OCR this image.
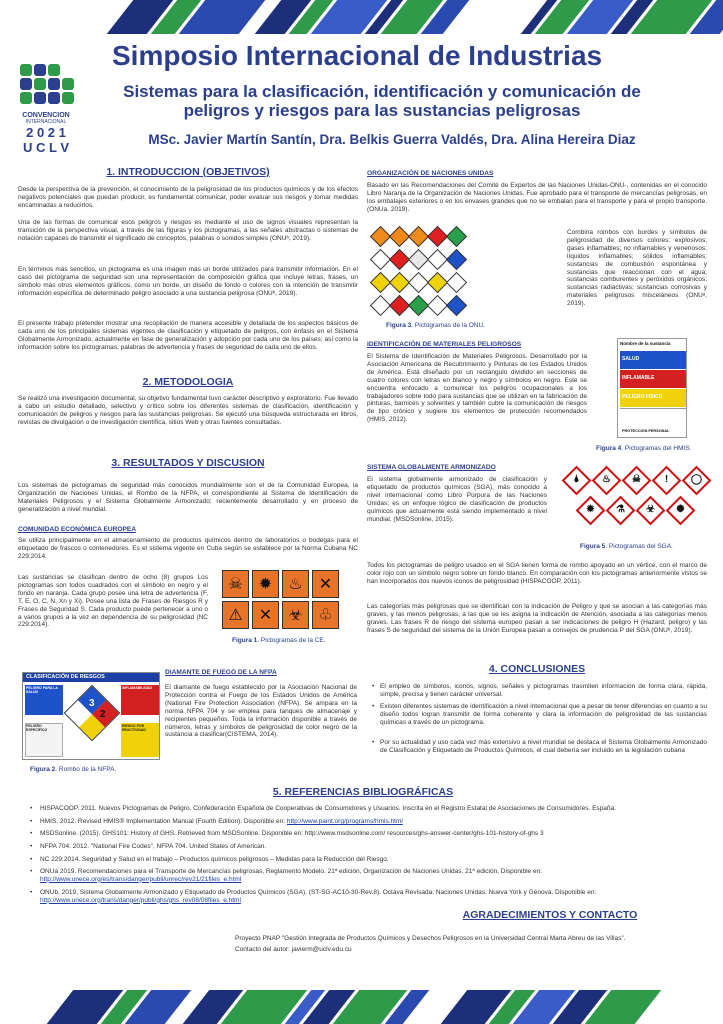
CONVENCION
INTERNACIONAL
2 0 2 1
U C L V
Simposio Internacional de Industrias
Sistemas para la clasificación, identificación y comunicación de peligros y riesgos para las sustancias peligrosas
MSc. Javier Martín Santín, Dra. Belkis Guerra Valdés, Dra. Alina Hereira Diaz
1. INTRODUCCION (OBJETIVOS)
Desde la perspectiva de la prevención, el conocimiento de la peligrosidad de los productos químicos y de los efectos negativos potenciales que puedan producir, es fundamental comunicar, poder evaluar sus riesgos y tomar medidas encaminadas a reducirlos.
Una de las formas de comunicar esos peligros y riesgos es mediante el uso de signos visuales representan la transición de la perspectiva visual, a través de las figuras y los pictogramas, a las señales abstractas o sistemas de notación capaces de transmitir el significado de conceptos, palabras o sonidos simples (ONUᵇ, 2019).
En términos más sencillos, un pictograma es una imagen más un borde utilizados para transmitir información. En el caso del pictograma de seguridad son una representación de composición gráfica que incluye letras, frases, un símbolo más otros elementos gráficos, como un borde, un diseño de fondo o colores con la intención de transmitir información específica de determinado peligro asociado a una sustancia peligrosa (ONUᵇ, 2019).
El presente trabajo pretender mostrar una recopilación de manera accesible y detallada de los aspectos básicos de cada uno de los principales sistemas vigentes de clasificación y etiquetado de peligros, con énfasis en el Sistema Globalmente Armonizado, actualmente en fase de generalización y adopción por cada uno de los países; así como la información sobre los pictogramas, palabras de advertencia y frases de seguridad de cada uno de ellos.
2. METODOLOGIA
Se realizó una investigación documental, su objetivo fundamental tuvo carácter descriptivo y exploratorio. Fue llevado a cabo un estudio detallado, selectivo y crítico sobre los diferentes sistemas de clasificación, identificación y comunicación de peligros y riesgos para las sustancias peligrosas. Se ejecutó una búsqueda estructurada en libros, revistas de divulgación o de investigación científica, sitios Web y otras fuentes consultadas.
3. RESULTADOS Y DISCUSION
Los sistemas de pictogramas de seguridad más conocidos mundialmente son el de la Comunidad Europea, la Organización de Naciones Unidas, el Rombo de la NFPA, el correspondiente al Sistema de Identificación de Materiales Peligrosos y el Sistema Globalmente Armonizado; recientemente desarrollado y en proceso de generalización a nivel mundial.
COMUNIDAD ECONÓMICA EUROPEA
Se utiliza principalmente en el almacenamiento de productos químicos dentro de laboratorios o bodegas para el etiquetado de frascos o contenedores. Es el sistema vigente en Cuba según se establece por la Norma Cubana NC 229:2014.
Las sustancias se clasifican dentro de ocho (8) grupos Los pictogramas son todos cuadrados con el símbolo en negro y el fondo en naranja. Cada grupo posee una letra de advertencia (F, T, E, O, C, N, Xn y Xi). Posee una lista de Frases de Riesgos R y Frases de Seguridad S. Cada producto puede pertenecer a uno o a varios grupos a la vez en dependencia de su peligrosidad (NC 229:2014).
☠	✹	♨	✕
⚠	✕	☣ ♧
Figura 1. Pictogramas de la CE.
DIAMANTE DE FUEGO DE LA NFPA
El diamante de fuego establecido por la Asociación Nacional de Protección contra el Fuego de los Estados Unidos de América (National Fire Protection Association (NFPA). Se ampara en la norma NFPA 704 y se emplea para tanques de almacenaje y recipientes pequeños. Toda la información disponible a través de números, letras y símbolos de peligrosidad de color negro de la sustancia a clasificar(CISTEMA, 2014).
CLASIFICACIÓN DE RIESGOS
PELIGRO PARA LA SALUD
INFLAMABILIDAD
PELIGRO ESPECÍFICO
RIESGO POR REACTIVIDAD
1
3
2
Figura 2. Rombo de la NFPA.
ORGANIZACIÓN DE NACIONES UNIDAS
Basado en las Recomendaciones del Comité de Expertos de las Naciones Unidas-ONU-, contenidas en el conocido Libro Naranja de la Organización de Naciones Unidas. Fue aprobado para el transporte de mercancías peligrosas, en los embalajes exteriores o en los envases grandes que no se embalan para el transporte y para el propio transporte. (ONUa. 2019).
Combina rombos con bordes y símbolos de peligrosidad de diversos colores: explosivos; gases inflamables; no inflamables y venenosos; líquidos inflamables; sólidos inflamables; sustancias de combustión espontánea y sustancias que reaccionan con el agua; sustancias comburentes y peróxidos orgánicos; sustancias radiactivas; sustancias corrosivas y materiales peligrosos misceláneos (ONUᵃ, 2019).
Figura 3. Pictogramas de la ONU.
IDENTIFICACIÓN DE MATERIALES PELIGROSOS
El Sistema de Identificación de Materiales Peligrosos. Desarrollado por la Asociación Americana de Recubrimiento y Pinturas de los Estados Unidos de América. Está diseñado por un rectángulo dividido en secciones de cuatro colores con letras en blanco y negro y símbolos en negro. Este se encuentra enfocado a comunicar los peligros ocupacionales a los trabajadores sobre todo para sustancias que se utilizan en la fabricación de pinturas, barnices y solventes y también cubre la comunicación de riesgos de tipo crónico y sugiere los elementos de protección recomendados (HMIS, 2012).
Nombre de la sustancia
SALUD
INFLAMABLE
PELIGRO FISICO
PROTECCION PERSONAL
Figura 4. Pictogramas del HMIS.
SISTEMA GLOBALMENTE ARMONIZADO
El sistema globalmente armonizado de clasificación y etiquetado de productos químicos (SGA), más conocido a nivel internacional como Libro Púrpura de las Naciones Unidas; es un enfoque lógico de clasificación de productos químicos que actualmente está siendo implementado a nivel mundial. (MSDSonline, 2015).
♨	☠	!
✹	⚗	☣	✺
🌢	◯
Figura 5. Pictogramas del SGA.
Todos los pictogramas de peligro usados en el SGA tienen forma de rombo apoyado en un vértice, con el marco de color rojo con un símbolo negro sobre un fondo blanco. En comparación con los pictogramas anteriormente vistos se han incorporados dos nuevos iconos de peligrosidad (HISPACOOP, 2011).
Las categorías más peligrosas que se identifican con la indicación de Peligro y que se asocian a las categorías más graves, y las menos peligrosas, a las que se les asigna la indicación de Atención, asociada a las categorías menos graves. Las frases R de riesgo del sistema europeo pasan a ser indicaciones de peligro H (Hazard, peligro) y las frases S de seguridad del sistema de la Unión Europea pasan a consejos de prudencia P del SGA (ONUᵇ, 2019).
4. CONCLUSIONES
• El empleo de símbolos, iconos, signos, señales y pictogramas trasmiten información de forma clara, rápida, simple, precisa y tienen carácter universal.
• Existen diferentes sistemas de identificación a nivel internacional que a pesar de tener diferencias en cuanto a su diseño todos logran transmitir de forma coherente y clara la información de peligrosidad de las sustancias químicas a través de un pictograma.
• Por su actualidad y uso cada vez más extensivo a nivel mundial se destaca el Sistema Globalmente Armonizado de Clasificación y Etiquetado de Productos Químicos, el cual debería ser incluido en la legislación cubana
5. REFERENCIAS BIBLIOGRÁFICAS
• HISPACOOP. 2011. Nuevos Pictogramas de Peligro. Confederación Española de Cooperativas de Consumidores y Usuarios. Inscrita en el Registro Estatal de Asociaciones de Consumidores. España.
• HMIS. 2012. Revised HMIS® Implementation Manual (Fourth Edition). Disponible en: http://www.paint.org/programs/hmis.html
• MSDSonline. (2015). GHS101: History of GHS. Retrieved from MSDSonline. Disponible en: http://www.msdsonline.com/ resources/ghs-answer-center/ghs-101-history-of-ghs 3
• NFPA 704. 2012. "National Fire Codes", NFPA 704. United States of American.
• NC 229:2014. Seguridad y Salud en el trabajo – Productos químicos peligrosos – Medidas para la Reducción del Riesgo.
• ONUa 2019. Recomendaciones para el Transporte de Mercancías peligrosas, Reglamento Modelo. 21ª edición, Organización de Naciones Unidas. 21ª edición, Disponible en: http://www.unece.org/es/trans/danger/publi/unrec/rev21/21files_e.html
• ONUb, 2019, Sistema Globalmente Armonizado y Etiquetado de Productos Químicos (SGA). (ST-SG-AC10-30-Rev.8). Octava Revisada. Naciones Unidas. Nueva York y Génova. Disponible en: http://www.unece.org/trans/danger/publi/ghs/ghs_rev08/08files_e.html
AGRADECIMIENTOS Y CONTACTO
Proyecto PNAP "Gestión Integrada de Productos Químicos y Desechos Peligrosos en la Universidad Central Marta Abreu de las Villas".
Contacto del autor: javierm@uclv.edu.cu
